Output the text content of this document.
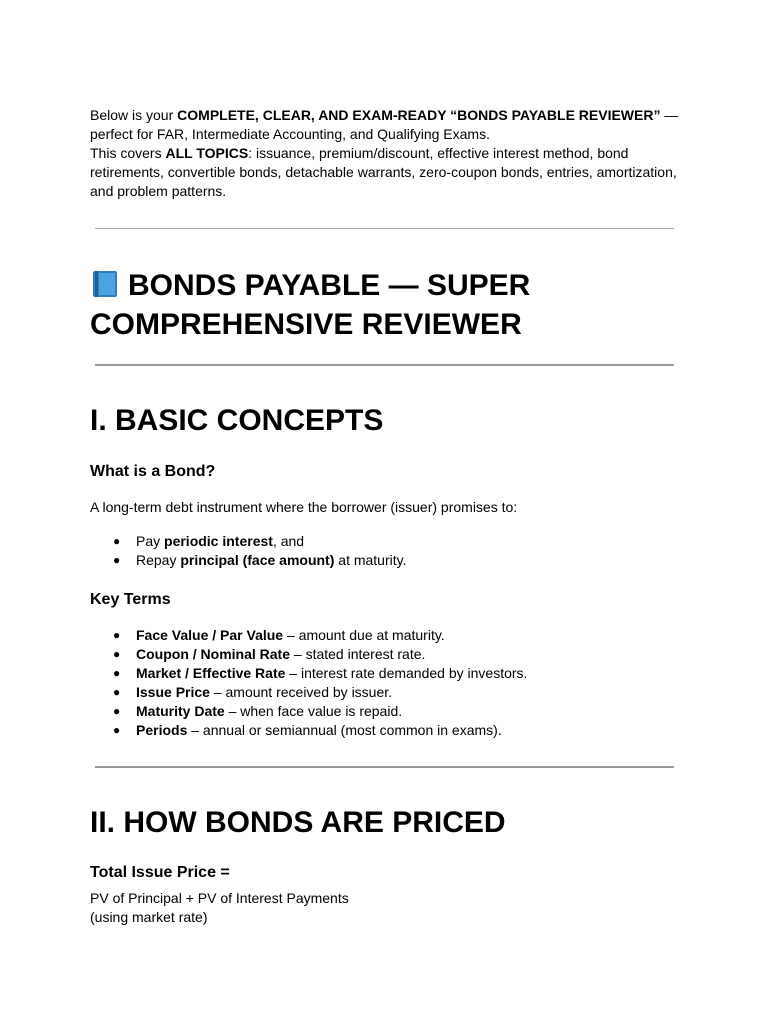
Below is your COMPLETE, CLEAR, AND EXAM-READY “BONDS PAYABLE REVIEWER” —
perfect for FAR, Intermediate Accounting, and Qualifying Exams.
This covers ALL TOPICS: issuance, premium/discount, effective interest method, bond retirements, convertible bonds, detachable warrants, zero-coupon bonds, entries, amortization, and problem patterns.

BONDS PAYABLE — SUPER COMPREHENSIVE REVIEWER
I. BASIC CONCEPTS
What is a Bond?

A long-term debt instrument where the borrower (issuer) promises to:

● Pay periodic interest, and
● Repay principal (face amount) at maturity.
Key Terms
● Face Value / Par Value – amount due at maturity.
● Coupon / Nominal Rate – stated interest rate.
● Market / Effective Rate – interest rate demanded by investors.
● Issue Price – amount received by issuer.
● Maturity Date – when face value is repaid.
● Periods – annual or semiannual (most common in exams).
II. HOW BONDS ARE PRICED
Total Issue Price =

PV of Principal + PV of Interest Payments
(using market rate)
